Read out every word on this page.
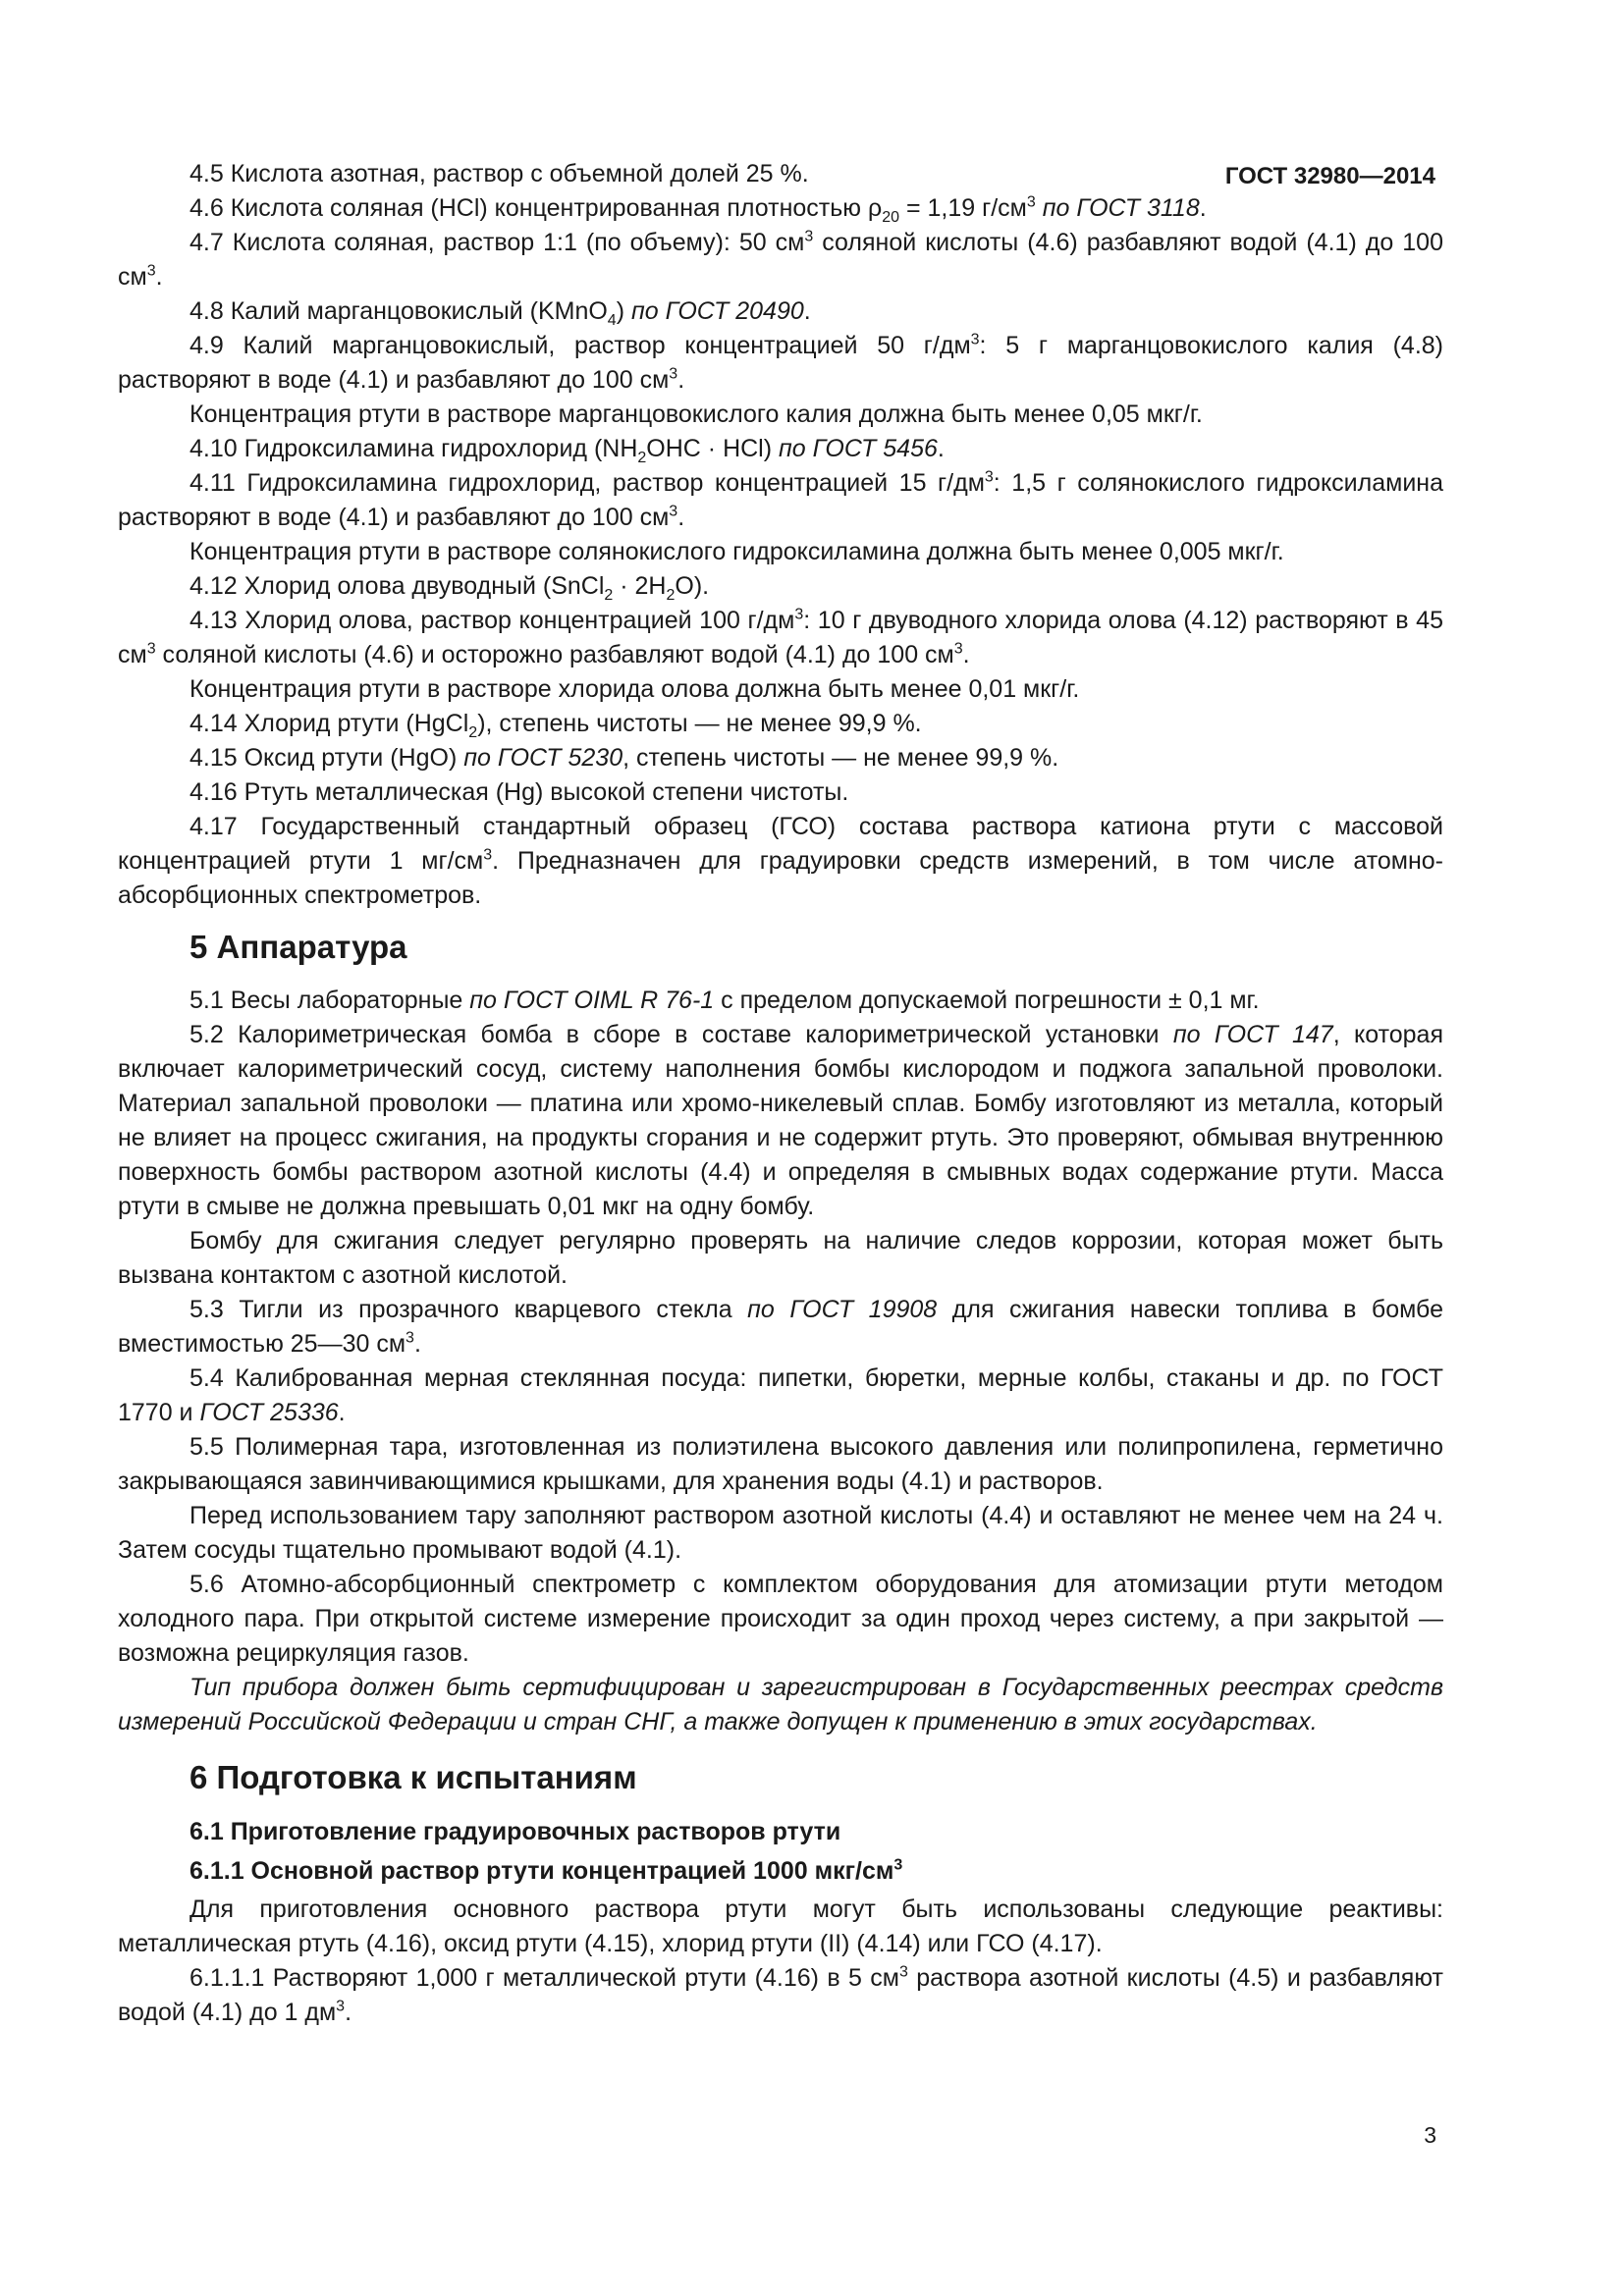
ГОСТ 32980—2014

4.5 Кислота азотная, раствор с объемной долей 25 %.

4.6 Кислота соляная (HCl) концентрированная плотностью $\rho_{20} = 1,19$ $г/см^3$ по ГОСТ 3118.

4.7 Кислота соляная, раствор 1:1 (по объему): 50 $см^3$ соляной кислоты (4.6) разбавляют водой (4.1) до 100 $см^3$.

4.8 Калий марганцовокислый (KMnO$_4$) по ГОСТ 20490.

4.9 Калий марганцовокислый, раствор концентрацией 50 $г/дм^3$: 5 г марганцовокислого калия (4.8) растворяют в воде (4.1) и разбавляют до 100 $см^3$.

Концентрация ртути в растворе марганцовокислого калия должна быть менее 0,05 мкг/г.

4.10 Гидроксиламина гидрохлорид $(NH_2OHC \cdot HCl)$ по ГОСТ 5456.

4.11 Гидроксиламина гидрохлорид, раствор концентрацией 15 $г/дм^3$: 1,5 г солянокислого гидроксиламина растворяют в воде (4.1) и разбавляют до 100 $см^3$.

Концентрация ртути в растворе солянокислого гидроксиламина должна быть менее 0,005 мкг/г.

4.12 Хлорид олова двуводный (SnCl$_2$ · $2H_2O$).

4.13 Хлорид олова, раствор концентрацией 100 $г/дм^3$: 10 г двуводного хлорида олова (4.12) растворяют в 45 $см^3$ соляной кислоты (4.6) и осторожно разбавляют водой (4.1) до 100 $см^3$.

Концентрация ртути в растворе хлорида олова должна быть менее 0,01 мкг/г.

4.14 Хлорид ртути (HgCl$_2$), степень чистоты — не менее 99,9 %.

4.15 Оксид ртути (HgO) по ГОСТ 5230, степень чистоты — не менее 99,9 %.

4.16 Ртуть металлическая (Hg) высокой степени чистоты.

4.17 Государственный стандартный образец (ГСО) состава раствора катиона ртути с массовой концентрацией ртути 1 $мг/см^3$. Предназначен для градуировки средств измерений, в том числе атомно-абсорбционных спектрометров.

5 Аппаратура

5.1 Весы лабораторные по ГОСТ OIML R 76-1 с пределом допускаемой погрешности ± 0,1 мг.

5.2 Калориметрическая бомба в сборе в составе калориметрической установки по ГОСТ 147, которая включает калориметрический сосуд, систему наполнения бомбы кислородом и поджога запальной проволоки. Материал запальной проволоки — платина или хромо-никелевый сплав. Бомбу изготовляют из металла, который не влияет на процесс сжигания, на продукты сгорания и не содержит ртуть. Это проверяют, обмывая внутреннюю поверхность бомбы раствором азотной кислоты (4.4) и определяя в смывных водах содержание ртути. Масса ртути в смыве не должна превышать 0,01 мкг на одну бомбу.

Бомбу для сжигания следует регулярно проверять на наличие следов коррозии, которая может быть вызвана контактом с азотной кислотой.

5.3 Тигли из прозрачного кварцевого стекла по ГОСТ 19908 для сжигания навески топлива в бомбе вместимостью 25—30 $см^3$.

5.4 Калиброванная мерная стеклянная посуда: пипетки, бюретки, мерные колбы, стаканы и др. по ГОСТ 1770 и ГОСТ 25336.

5.5 Полимерная тара, изготовленная из полиэтилена высокого давления или полипропилена, герметично закрывающаяся завинчивающимися крышками, для хранения воды (4.1) и растворов.

Перед использованием тару заполняют раствором азотной кислоты (4.4) и оставляют не менее чем на 24 ч. Затем сосуды тщательно промывают водой (4.1).

5.6 Атомно-абсорбционный спектрометр с комплектом оборудования для атомизации ртути методом холодного пара. При открытой системе измерение происходит за один проход через систему, а при закрытой — возможна рециркуляция газов.

Тип прибора должен быть сертифицирован и зарегистрирован в Государственных реестрах средств измерений Российской Федерации и стран СНГ, а также допущен к применению в этих государствах.

6 Подготовка к испытаниям
6.1 Приготовление градуировочных растворов ртути
6.1.1 Основной раствор ртути концентрацией 1000 мкг/$см^3$

Для приготовления основного раствора ртути могут быть использованы следующие реактивы: металлическая ртуть (4.16), оксид ртути (4.15), хлорид ртути (II) (4.14) или ГСО (4.17).

6.1.1.1 Растворяют 1,000 г металлической ртути (4.16) в 5 $см^3$ раствора азотной кислоты (4.5) и разбавляют водой (4.1) до 1 $дм^3$.

3
